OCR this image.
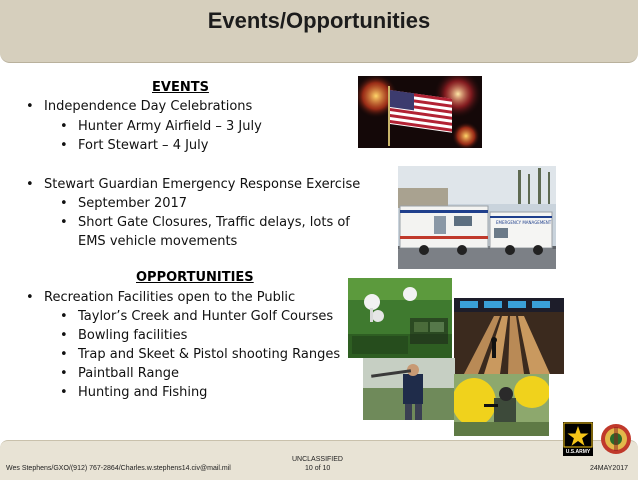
Events/Opportunities
EVENTS
• Independence Day Celebrations
• Hunter Army Airfield – 3 July
• Fort Stewart – 4 July
• Stewart Guardian Emergency Response Exercise
• September 2017
• Short Gate Closures, Traffic delays, lots of
EMS vehicle movements
OPPORTUNITIES
• Recreation Facilities open to the Public
• Taylor’s Creek and Hunter Golf Courses
• Bowling facilities
• Trap and Skeet & Pistol shooting Ranges
• Paintball Range
• Hunting and Fishing
EMERGENCY MANAGEMENT
Wes Stephens/GXO/(912) 767-2864/Charles.w.stephens14.civ@mail.mil
UNCLASSIFIED
10 of 10	24MAY2017
U.S.ARMY
